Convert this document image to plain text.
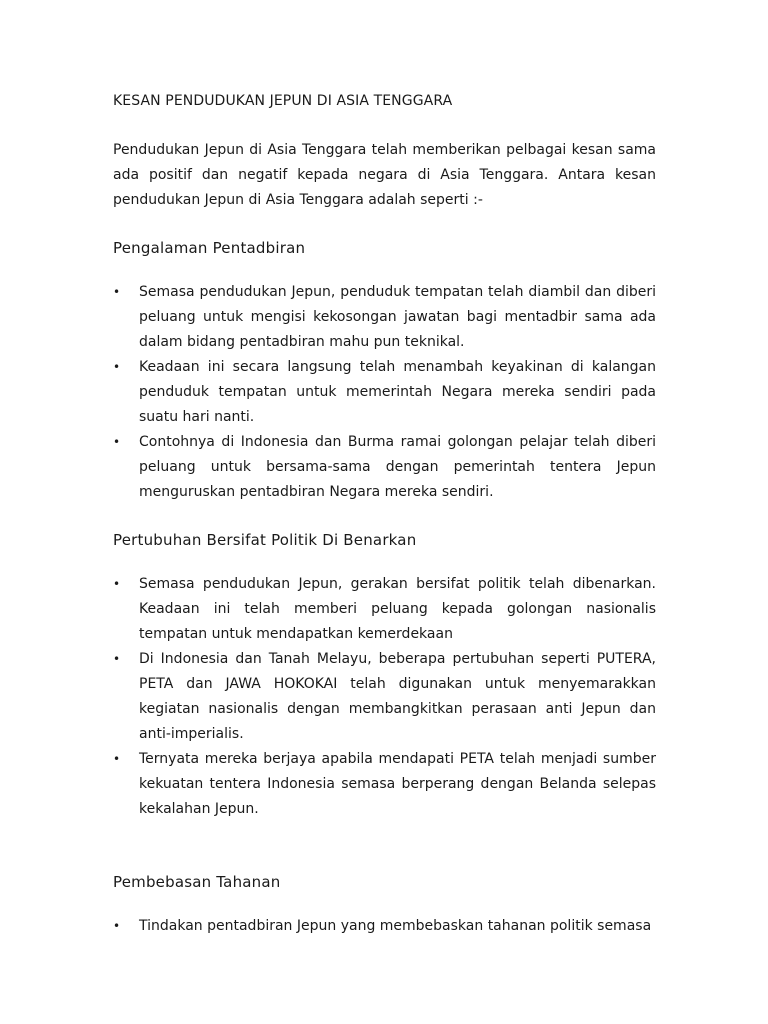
KESAN PENDUDUKAN JEPUN DI ASIA TENGGARA

Pendudukan Jepun di Asia Tenggara telah memberikan pelbagai kesan sama ada positif dan negatif kepada negara di Asia Tenggara. Antara kesan pendudukan Jepun di Asia Tenggara adalah seperti :-

Pengalaman Pentadbiran
•
Semasa pendudukan Jepun, penduduk tempatan telah diambil dan diberi peluang untuk mengisi kekosongan jawatan bagi mentadbir sama ada dalam bidang pentadbiran mahu pun teknikal.
•
Keadaan ini secara langsung telah menambah keyakinan di kalangan penduduk tempatan untuk memerintah Negara mereka sendiri pada suatu hari nanti.
•
Contohnya di Indonesia dan Burma ramai golongan pelajar telah diberi peluang untuk bersama-sama dengan pemerintah tentera Jepun menguruskan pentadbiran Negara mereka sendiri.
Pertubuhan Bersifat Politik Di Benarkan
•
Semasa pendudukan Jepun, gerakan bersifat politik telah dibenarkan. Keadaan ini telah memberi peluang kepada golongan nasionalis tempatan untuk mendapatkan kemerdekaan
•
Di Indonesia dan Tanah Melayu, beberapa pertubuhan seperti PUTERA, PETA dan JAWA HOKOKAI telah digunakan untuk menyemarakkan kegiatan nasionalis dengan membangkitkan perasaan anti Jepun dan anti-imperialis.
•
Ternyata mereka berjaya apabila mendapati PETA telah menjadi sumber kekuatan tentera Indonesia semasa berperang dengan Belanda selepas kekalahan Jepun.
Pembebasan Tahanan
•
Tindakan pentadbiran Jepun yang membebaskan tahanan politik semasa
